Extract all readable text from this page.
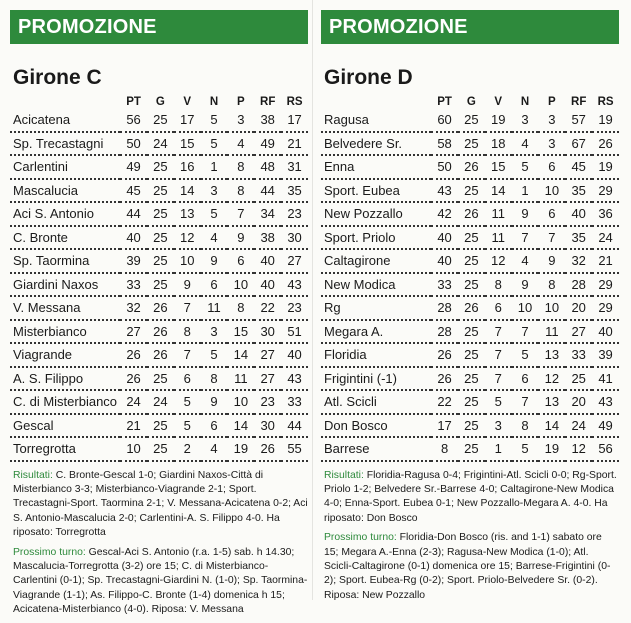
PROMOZIONE
Girone C
	PT	G	V	N	P	RF	RS
Acicatena	56	25	17	5	3	38	17
Sp. Trecastagni	50	24	15	5	4	49	21
Carlentini	49	25	16	1	8	48	31
Mascalucia	45	25	14	3	8	44	35
Aci S. Antonio	44	25	13	5	7	34	23
C. Bronte	40	25	12	4	9	38	30
Sp. Taormina	39	25	10	9	6	40	27
Giardini Naxos	33	25	9	6	10	40	43
V. Messana	32	26	7	11	8	22	23
Misterbianco	27	26	8	3	15	30	51
Viagrande	26	26	7	5	14	27	40
A. S. Filippo	26	25	6	8	11	27	43
C. di Misterbianco	24	24	5	9	10	23	33
Gescal	21	25	5	6	14	30	44
Torregrotta	10	25	2	4	19	26	55

Risultati: C. Bronte-Gescal 1-0; Giardini Naxos-Città di Misterbianco 3-3; Misterbianco-Viagrande 2-1; Sport. Trecastagni-Sport. Taormina 2-1; V. Messana-Acicatena 0-2; Aci S. Antonio-Mascalucia 2-0; Carlentini-A. S. Filippo 4-0. Ha riposato: Torregrotta

Prossimo turno: Gescal-Aci S. Antonio (r.a. 1-5) sab. h 14.30; Mascalucia-Torregrotta (3-2) ore 15; C. di Misterbianco-Carlentini (0-1); Sp. Trecastagni-Giardini N. (1-0); Sp. Taormina-Viagrande (1-1); As. Filippo-C. Bronte (1-4) domenica h 15; Acicatena-Misterbianco (4-0). Riposa: V. Messana

PROMOZIONE
Girone D
	PT	G	V	N	P	RF	RS
Ragusa	60	25	19	3	3	57	19
Belvedere Sr.	58	25	18	4	3	67	26
Enna	50	26	15	5	6	45	19
Sport. Eubea	43	25	14	1	10	35	29
New Pozzallo	42	26	11	9	6	40	36
Sport. Priolo	40	25	11	7	7	35	24
Caltagirone	40	25	12	4	9	32	21
New Modica	33	25	8	9	8	28	29
Rg	28	26	6	10	10	20	29
Megara A.	28	25	7	7	11	27	40
Floridia	26	25	7	5	13	33	39
Frigintini (-1)	26	25	7	6	12	25	41
Atl. Scicli	22	25	5	7	13	20	43
Don Bosco	17	25	3	8	14	24	49
Barrese	8	25	1	5	19	12	56

Risultati: Floridia-Ragusa 0-4; Frigintini-Atl. Scicli 0-0; Rg-Sport. Priolo 1-2; Belvedere Sr.-Barrese 4-0; Caltagirone-New Modica 4-0; Enna-Sport. Eubea 0-1; New Pozzallo-Megara A. 4-0. Ha riposato: Don Bosco

Prossimo turno: Floridia-Don Bosco (ris. and 1-1) sabato ore 15; Megara A.-Enna (2-3); Ragusa-New Modica (1-0); Atl. Scicli-Caltagirone (0-1) domenica ore 15; Barrese-Frigintini (0-2); Sport. Eubea-Rg (0-2); Sport. Priolo-Belvedere Sr. (0-2). Riposa: New Pozzallo
